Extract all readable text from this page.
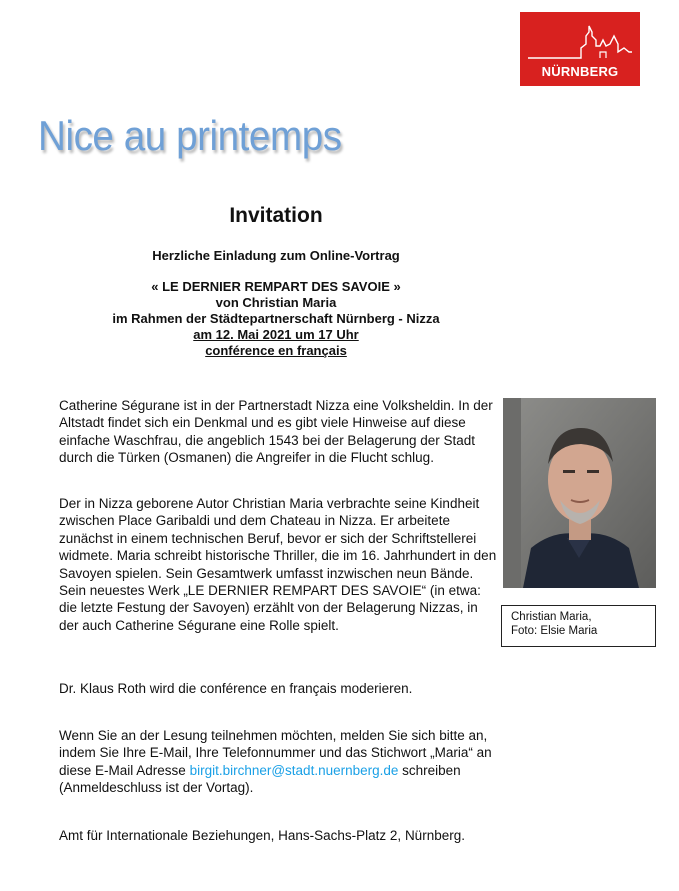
NÜRNBERG
Nice au printemps
Invitation
Herzliche Einladung zum Online-Vortrag
« LE DERNIER REMPART DES SAVOIE »
von Christian Maria
im Rahmen der Städtepartnerschaft Nürnberg - Nizza
am 12. Mai 2021 um 17 Uhr
conférence en français

Catherine Ségurane ist in der Partnerstadt Nizza eine Volksheldin. In der Altstadt findet sich ein Denkmal und es gibt viele Hinweise auf diese einfache Waschfrau, die angeblich 1543 bei der Belagerung der Stadt durch die Türken (Osmanen) die Angreifer in die Flucht schlug.

Der in Nizza geborene Autor Christian Maria verbrachte seine Kindheit zwischen Place Garibaldi und dem Chateau in Nizza. Er arbeitete zunächst in einem technischen Beruf, bevor er sich der Schriftstellerei widmete. Maria schreibt historische Thriller, die im 16. Jahrhundert in den Savoyen spielen. Sein Gesamtwerk umfasst inzwischen neun Bände. Sein neuestes Werk „LE DERNIER REMPART DES SAVOIE“ (in etwa: die letzte Festung der Savoyen) erzählt von der Belagerung Nizzas, in der auch Catherine Ségurane eine Rolle spielt.

Dr. Klaus Roth wird die conférence en français moderieren.

Wenn Sie an der Lesung teilnehmen möchten, melden Sie sich bitte an, indem Sie Ihre E-Mail, Ihre Telefonnummer und das Stichwort „Maria“ an diese E-Mail Adresse birgit.birchner@stadt.nuernberg.de schreiben (Anmeldeschluss ist der Vortag).

Amt für Internationale Beziehungen, Hans-Sachs-Platz 2, Nürnberg.

Christian Maria,
Foto: Elsie Maria
